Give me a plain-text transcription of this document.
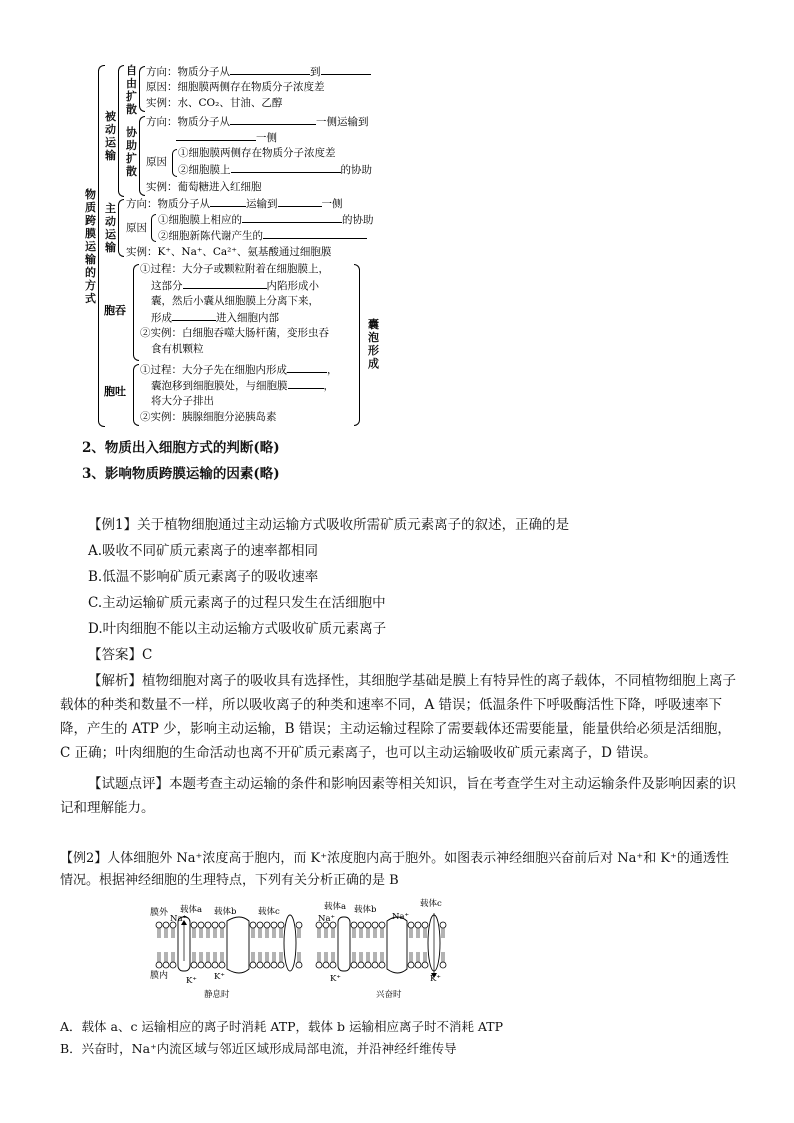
物质跨膜运输的方式
被动运输
自由扩散
方向：物质分子从	到
原因：细胞膜两侧存在物质分子浓度差
实例：水、CO₂、甘油、乙醇
协助扩散
方向：物质分子从	一侧运输到
一侧
原因
①细胞膜两侧存在物质分子浓度差
②细胞膜上	的协助
实例：葡萄糖进入红细胞
主动运输
方向：物质分子从	运输到	一侧
原因
①细胞膜上相应的	的协助
②细胞新陈代谢产生的
实例：K⁺、Na⁺、Ca²⁺、氨基酸通过细胞膜
胞吞
①过程：大分子或颗粒附着在细胞膜上，
这部分	内陷形成小
囊，然后小囊从细胞膜上分离下来，
形成	进入细胞内部
②实例：白细胞吞噬大肠杆菌，变形虫吞
食有机颗粒
胞吐
①过程：大分子先在细胞内形成	，
囊泡移到细胞膜处，与细胞膜	，
将大分子排出
②实例：胰腺细胞分泌胰岛素
囊泡形成
2、物质出入细胞方式的判断(略)
3、影响物质跨膜运输的因素(略)
【例1】关于植物细胞通过主动运输方式吸收所需矿质元素离子的叙述，正确的是
A.吸收不同矿质元素离子的速率都相同
B.低温不影响矿质元素离子的吸收速率
C.主动运输矿质元素离子的过程只发生在活细胞中
D.叶肉细胞不能以主动运输方式吸收矿质元素离子
【答案】C
【解析】植物细胞对离子的吸收具有选择性，其细胞学基础是膜上有特异性的离子载体，不同植物细胞上离子载体的种类和数量不一样，所以吸收离子的种类和速率不同，A 错误；低温条件下呼吸酶活性下降，呼吸速率下降，产生的 ATP 少，影响主动运输，B 错误；主动运输过程除了需要载体还需要能量，能量供给必须是活细胞，C 正确；叶肉细胞的生命活动也离不开矿质元素离子，也可以主动运输吸收矿质元素离子，D 错误。
【试题点评】本题考查主动运输的条件和影响因素等相关知识，旨在考查学生对主动运输条件及影响因素的识记和理解能力。
【例2】人体细胞外 Na⁺浓度高于胞内，而 K⁺浓度胞内高于胞外。如图表示神经细胞兴奋前后对 Na⁺和 K⁺的通透性情况。根据神经细胞的生理特点，下列有关分析正确的是 B
膜外
Na⁺
载体a 载体b	载体c
膜内 K⁺ K⁺
静息时
Na⁺
载体a 载体b
载体c
Na⁺
K⁺	K⁺
兴奋时
A．载体 a、c 运输相应的离子时消耗 ATP，载体 b 运输相应离子时不消耗 ATP
B．兴奋时，Na⁺内流区域与邻近区域形成局部电流，并沿神经纤维传导
